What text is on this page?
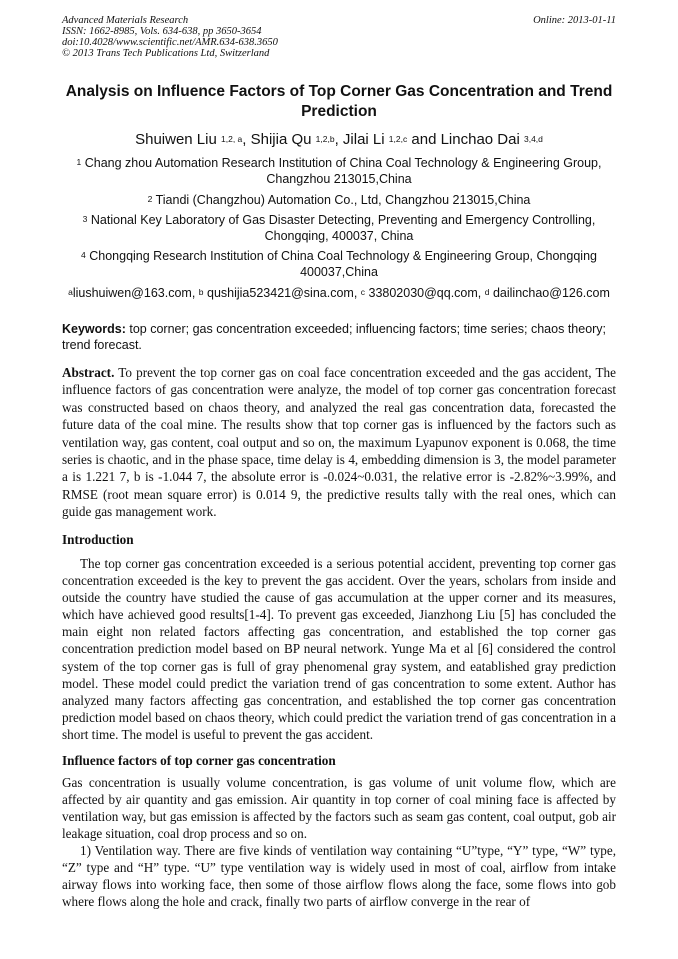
Advanced Materials Research
ISSN: 1662-8985, Vols. 634-638, pp 3650-3654
doi:10.4028/www.scientific.net/AMR.634-638.3650
© 2013 Trans Tech Publications Ltd, Switzerland
Online: 2013-01-11
Analysis on Influence Factors of Top Corner Gas Concentration and Trend Prediction
Shuiwen Liu $^{1,2, a}$, Shijia Qu $^{1,2,b}$, Jilai Li $^{1,2,c}$ and Linchao Dai $^{3,4,d}$
$^1$ Chang zhou Automation Research Institution of China Coal Technology & Engineering Group, Changzhou 213015,China
$^2$ Tiandi (Changzhou) Automation Co., Ltd, Changzhou 213015,China
$^3$ National Key Laboratory of Gas Disaster Detecting, Preventing and Emergency Controlling, Chongqing, 400037, China
$^4$ Chongqing Research Institution of China Coal Technology & Engineering Group, Chongqing 400037,China
$^a$liushuiwen@163.com, $^b$ qushijia523421@sina.com, $^c$ 33802030@qq.com, $^d$ dailinchao@126.com
Keywords: top corner; gas concentration exceeded; influencing factors; time series; chaos theory; trend forecast.
Abstract. To prevent the top corner gas on coal face concentration exceeded and the gas accident, The influence factors of gas concentration were analyze, the model of top corner gas concentration forecast was constructed based on chaos theory, and analyzed the real gas concentration data, forecasted the future data of the coal mine. The results show that top corner gas is influenced by the factors such as ventilation way, gas content, coal output and so on, the maximum Lyapunov exponent is 0.068, the time series is chaotic, and in the phase space, time delay is 4, embedding dimension is 3, the model parameter a is 1.221 7, b is -1.044 7, the absolute error is -0.024~0.031, the relative error is -2.82%~3.99%, and RMSE (root mean square error) is 0.014 9, the predictive results tally with the real ones, which can guide gas management work.
Introduction
The top corner gas concentration exceeded is a serious potential accident, preventing top corner gas concentration exceeded is the key to prevent the gas accident. Over the years, scholars from inside and outside the country have studied the cause of gas accumulation at the upper corner and its measures, which have achieved good results[1-4]. To prevent gas exceeded, Jianzhong Liu [5] has concluded the main eight non related factors affecting gas concentration, and established the top corner gas concentration prediction model based on BP neural network. Yunge Ma et al [6] considered the control system of the top corner gas is full of gray phenomenal gray system, and eatablished gray prediction model. These model could predict the variation trend of gas concentration to some extent. Author has analyzed many factors affecting gas concentration, and established the top corner gas concentration prediction model based on chaos theory, which could predict the variation trend of gas concentration in a short time. The model is useful to prevent the gas accident.
Influence factors of top corner gas concentration
Gas concentration is usually volume concentration, is gas volume of unit volume flow, which are affected by air quantity and gas emission. Air quantity in top corner of coal mining face is affected by ventilation way, but gas emission is affected by the factors such as seam gas content, coal output, gob air leakage situation, coal drop process and so on.
1) Ventilation way. There are five kinds of ventilation way containing “U”type, “Y” type, “W” type, “Z” type and “H” type. “U” type ventilation way is widely used in most of coal, airflow from intake airway flows into working face, then some of those airflow flows along the face, some flows into gob where flows along the hole and crack, finally two parts of airflow converge in the rear of
